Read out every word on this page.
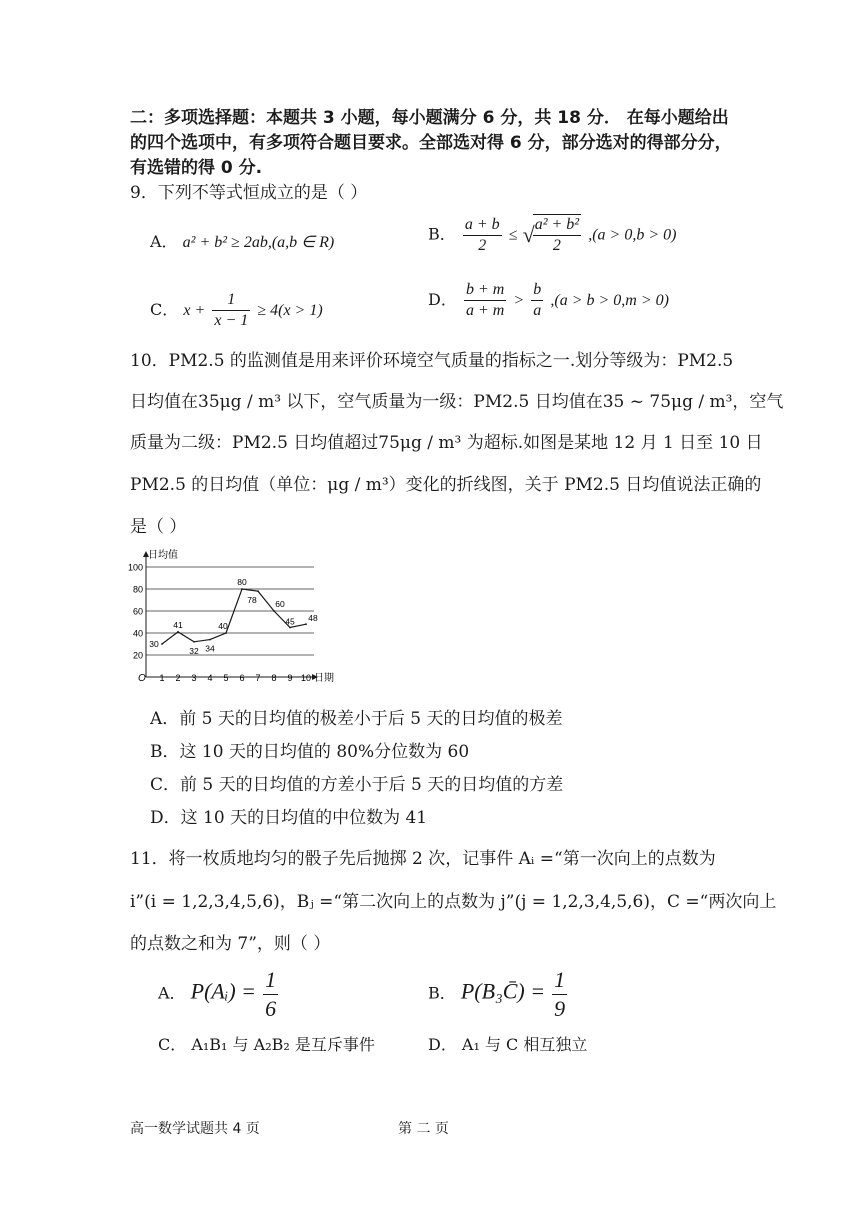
二：多项选择题：本题共 3 小题，每小题满分 6 分，共 18 分． 在每小题给出
的四个选项中，有多项符合题目要求。全部选对得 6 分，部分选对的得部分分，
有选错的得 0 分.
9．下列不等式恒成立的是（ ）
A． a² + b² ≥ 2ab,(a,b ∈ R)	B． $\frac{a + b}{2}$ ≤ √
$\frac{\text{a² + b²}}{2} ,(a > 0,b > 0)$
C． $x + \frac{1}{x - 1} \ge 4(x > 1)$
D． $\frac{b + m}{a + m} > \frac{b}{a} ,(a > b > 0,m > 0)$
10．PM2.5 的监测值是用来评价环境空气质量的指标之一.划分等级为：PM2.5
日均值在35μg / m³ 以下，空气质量为一级：PM2.5 日均值在35 ~ 75μg / m³，空气
质量为二级：PM2.5 日均值超过75μg / m³ 为超标.如图是某地 12 月 1 日至 10 日
PM2.5 的日均值（单位：μg / m³）变化的折线图，关于 PM2.5 日均值说法正确的
是（ ）
20
40
60
80
100
1 2 3 4 5 6 7 8 9 10
30
41
32 34
40
80
78 60
45 48
日均值
日期
O
A．前 5 天的日均值的极差小于后 5 天的日均值的极差
B．这 10 天的日均值的 80%分位数为 60
C．前 5 天的日均值的方差小于后 5 天的日均值的方差
D．这 10 天的日均值的中位数为 41
11．将一枚质地均匀的骰子先后抛掷 2 次，记事件 Aᵢ =“第一次向上的点数为
i”(i = 1,2,3,4,5,6)，Bⱼ =“第二次向上的点数为 j”(j = 1,2,3,4,5,6)，C =“两次向上
的点数之和为 7”，则（ ）
A． P(Aᵢ) = $\frac{1}{6}$	B． P(B₃C̄) = $\frac{1}{9}$
C． A₁B₁ 与 A₂B₂ 是互斥事件	D． A₁ 与 C 相互独立
高一数学试题共 4 页	第 二 页
